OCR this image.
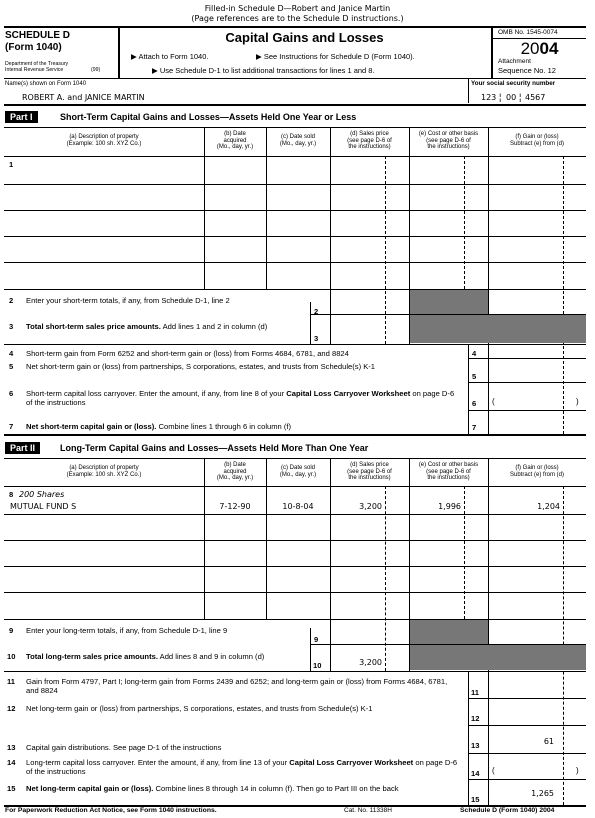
Filled-in Schedule D—Robert and Janice Martin
(Page references are to the Schedule D instructions.)
SCHEDULE D
(Form 1040)
Department of the Treasury
Internal Revenue Service	(99)
Capital Gains and Losses
▶ Attach to Form 1040.	▶ See Instructions for Schedule D (Form 1040).
▶ Use Schedule D-1 to list additional transactions for lines 1 and 8.
OMB No. 1545-0074
2004
Attachment
Sequence No. 12
Name(s) shown on Form 1040
ROBERT A. and JANICE MARTIN
Your social security number
123 ¦ 00 ¦ 4567
Part I	Short-Term Capital Gains and Losses—Assets Held One Year or Less
(a) Description of property
(Example: 100 sh. XYZ Co.)
(b) Date
acquired
(Mo., day, yr.)
(c) Date sold
(Mo., day, yr.)
(d) Sales price
(see page D-6 of
the instructions)
(e) Cost or other basis
(see page D-6 of
the instructions)
(f) Gain or (loss)
Subtract (e) from (d)
1
2 Enter your short-term totals, if any, from Schedule D-1, line 2
2
3 Total short-term sales price amounts. Add lines 1 and 2 in column (d)
3
4 Short-term gain from Form 6252 and short-term gain or (loss) from Forms 4684, 6781, and 8824	4
5 Net short-term gain or (loss) from partnerships, S corporations, estates, and trusts from Schedule(s) K-1
5
6 Short-term capital loss carryover. Enter the amount, if any, from line 8 of your Capital Loss Carryover Worksheet on page D-6 of the instructions	6 (	)
7 Net short-term capital gain or (loss). Combine lines 1 through 6 in column (f)	7
Part II	Long-Term Capital Gains and Losses—Assets Held More Than One Year
(a) Description of property
(Example: 100 sh. XYZ Co.)
(b) Date
acquired
(Mo., day, yr.)
(c) Date sold
(Mo., day, yr.)
(d) Sales price
(see page D-6 of
the instructions)
(e) Cost or other basis
(see page D-6 of
the instructions)
(f) Gain or (loss)
Subtract (e) from (d)
8 200 Shares
MUTUAL FUND S	7-12-90	10-8-04	3,200	1,996	1,204
9 Enter your long-term totals, if any, from Schedule D-1, line 9
9
10 Total long-term sales price amounts. Add lines 8 and 9 in column (d)
10	3,200
11 Gain from Form 4797, Part I; long-term gain from Forms 2439 and 6252; and long-term gain or (loss) from Forms 4684, 6781, and 8824	11
12 Net long-term gain or (loss) from partnerships, S corporations, estates, and trusts from Schedule(s) K-1
12
13 Capital gain distributions. See page D-1 of the instructions	13	61
14 Long-term capital loss carryover. Enter the amount, if any, from line 13 of your Capital Loss Carryover Worksheet on page D-6 of the instructions	14 (	)
15 Net long-term capital gain or (loss). Combine lines 8 through 14 in column (f). Then go to Part III on the back
15
1,265
For Paperwork Reduction Act Notice, see Form 1040 instructions.	Cat. No. 11338H	Schedule D (Form 1040) 2004
